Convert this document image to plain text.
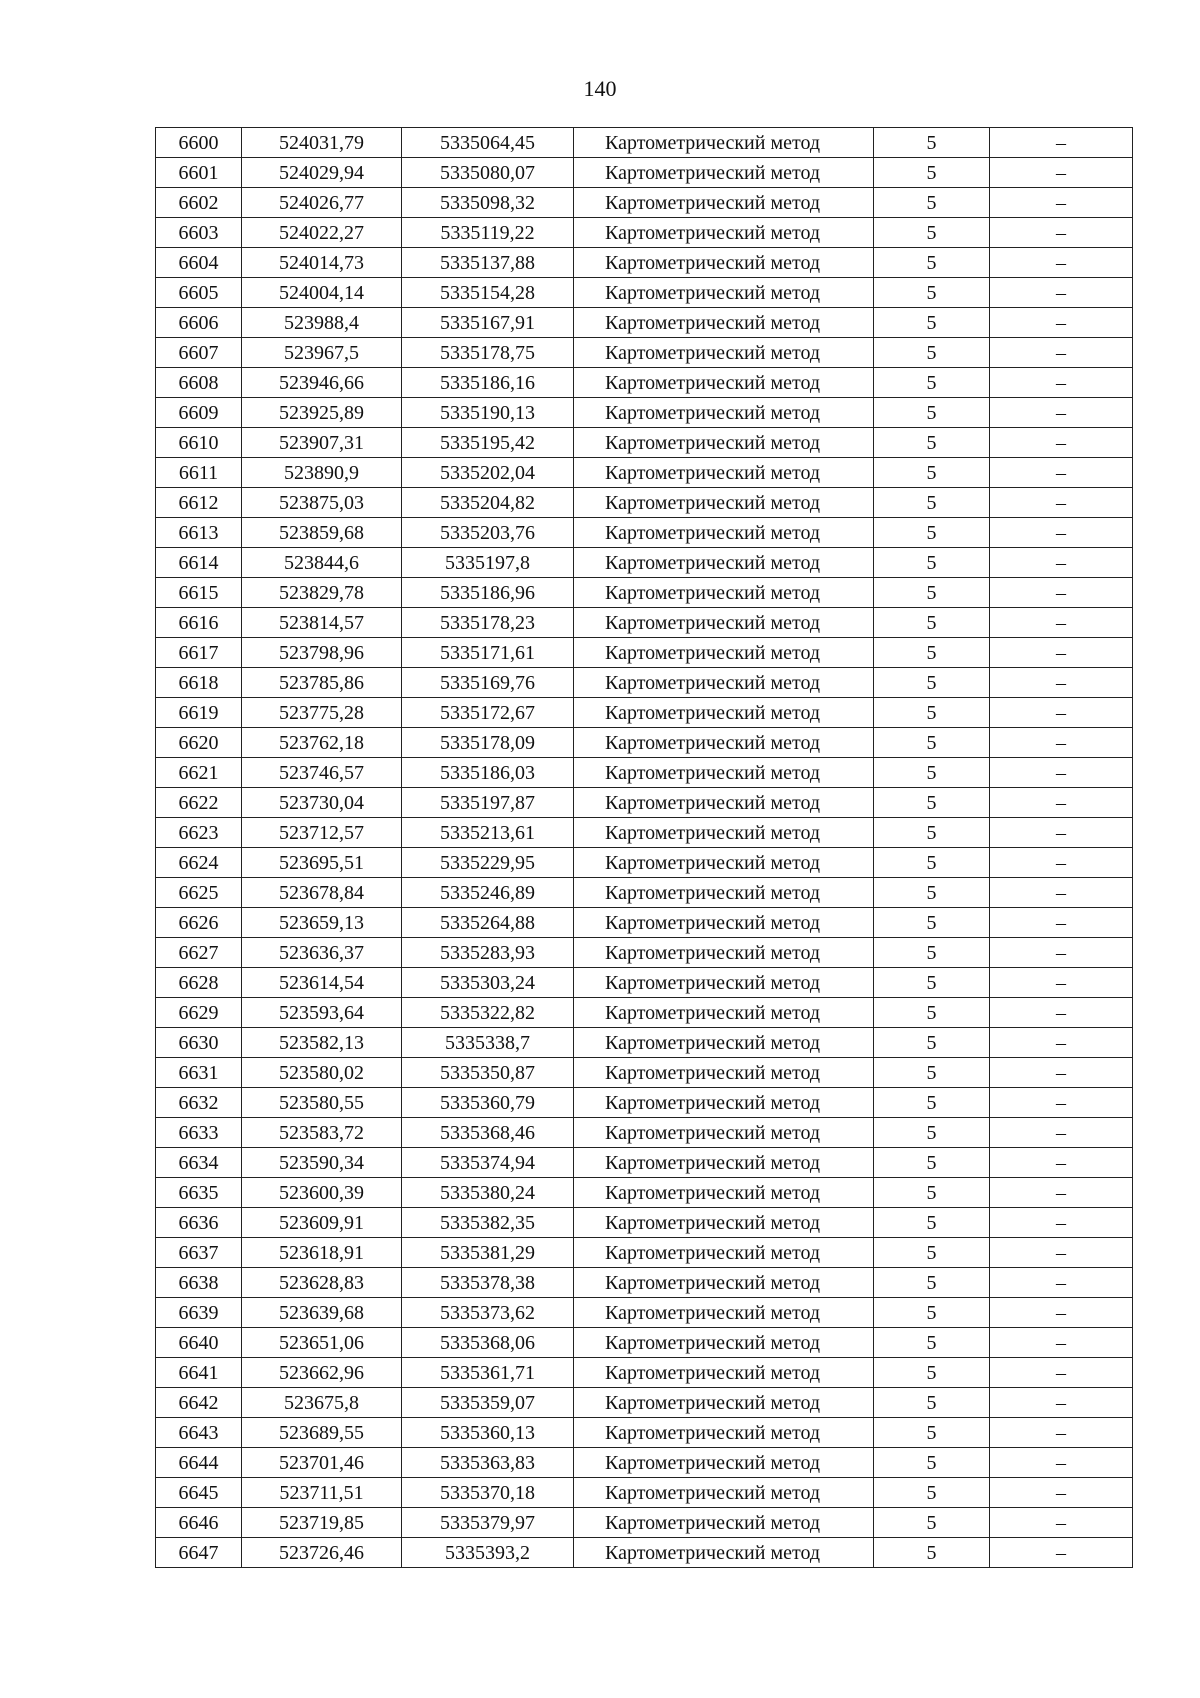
140
6600	524031,79	5335064,45	Картометрический метод	5	–
6601	524029,94	5335080,07	Картометрический метод	5	–
6602	524026,77	5335098,32	Картометрический метод	5	–
6603	524022,27	5335119,22	Картометрический метод	5	–
6604	524014,73	5335137,88	Картометрический метод	5	–
6605	524004,14	5335154,28	Картометрический метод	5	–
6606	523988,4	5335167,91	Картометрический метод	5	–
6607	523967,5	5335178,75	Картометрический метод	5	–
6608	523946,66	5335186,16	Картометрический метод	5	–
6609	523925,89	5335190,13	Картометрический метод	5	–
6610	523907,31	5335195,42	Картометрический метод	5	–
6611	523890,9	5335202,04	Картометрический метод	5	–
6612	523875,03	5335204,82	Картометрический метод	5	–
6613	523859,68	5335203,76	Картометрический метод	5	–
6614	523844,6	5335197,8	Картометрический метод	5	–
6615	523829,78	5335186,96	Картометрический метод	5	–
6616	523814,57	5335178,23	Картометрический метод	5	–
6617	523798,96	5335171,61	Картометрический метод	5	–
6618	523785,86	5335169,76	Картометрический метод	5	–
6619	523775,28	5335172,67	Картометрический метод	5	–
6620	523762,18	5335178,09	Картометрический метод	5	–
6621	523746,57	5335186,03	Картометрический метод	5	–
6622	523730,04	5335197,87	Картометрический метод	5	–
6623	523712,57	5335213,61	Картометрический метод	5	–
6624	523695,51	5335229,95	Картометрический метод	5	–
6625	523678,84	5335246,89	Картометрический метод	5	–
6626	523659,13	5335264,88	Картометрический метод	5	–
6627	523636,37	5335283,93	Картометрический метод	5	–
6628	523614,54	5335303,24	Картометрический метод	5	–
6629	523593,64	5335322,82	Картометрический метод	5	–
6630	523582,13	5335338,7	Картометрический метод	5	–
6631	523580,02	5335350,87	Картометрический метод	5	–
6632	523580,55	5335360,79	Картометрический метод	5	–
6633	523583,72	5335368,46	Картометрический метод	5	–
6634	523590,34	5335374,94	Картометрический метод	5	–
6635	523600,39	5335380,24	Картометрический метод	5	–
6636	523609,91	5335382,35	Картометрический метод	5	–
6637	523618,91	5335381,29	Картометрический метод	5	–
6638	523628,83	5335378,38	Картометрический метод	5	–
6639	523639,68	5335373,62	Картометрический метод	5	–
6640	523651,06	5335368,06	Картометрический метод	5	–
6641	523662,96	5335361,71	Картометрический метод	5	–
6642	523675,8	5335359,07	Картометрический метод	5	–
6643	523689,55	5335360,13	Картометрический метод	5	–
6644	523701,46	5335363,83	Картометрический метод	5	–
6645	523711,51	5335370,18	Картометрический метод	5	–
6646	523719,85	5335379,97	Картометрический метод	5	–
6647	523726,46	5335393,2	Картометрический метод	5	–
